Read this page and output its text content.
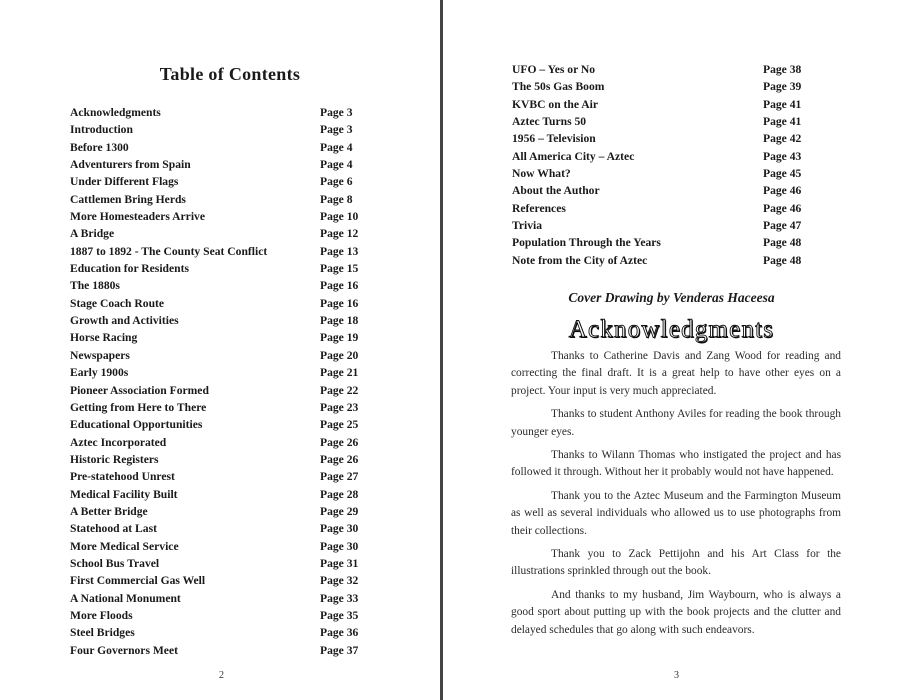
Table of Contents
Acknowledgments	Page 3
Introduction	Page 3
Before 1300	Page 4
Adventurers from Spain	Page 4
Under Different Flags	Page 6
Cattlemen Bring Herds	Page 8
More Homesteaders Arrive	Page 10
A Bridge	Page 12
1887 to 1892 - The County Seat Conflict	Page 13
Education for Residents	Page 15
The 1880s	Page 16
Stage Coach Route	Page 16
Growth and Activities	Page 18
Horse Racing	Page 19
Newspapers	Page 20
Early 1900s	Page 21
Pioneer Association Formed	Page 22
Getting from Here to There	Page 23
Educational Opportunities	Page 25
Aztec Incorporated	Page 26
Historic Registers	Page 26
Pre-statehood Unrest	Page 27
Medical Facility Built	Page 28
A Better Bridge	Page 29
Statehood at Last	Page 30
More Medical Service	Page 30
School Bus Travel	Page 31
First Commercial Gas Well	Page 32
A National Monument	Page 33
More Floods	Page 35
Steel Bridges	Page 36
Four Governors Meet	Page 37
2
UFO – Yes or No	Page 38
The 50s Gas Boom	Page 39
KVBC on the Air	Page 41
Aztec Turns 50	Page 41
1956 – Television	Page 42
All America City – Aztec	Page 43
Now What?	Page 45
About the Author	Page 46
References	Page 46
Trivia	Page 47
Population Through the Years	Page 48
Note from the City of Aztec	Page 48
Cover Drawing by Venderas Haceesa
Acknowledgments

Thanks to Catherine Davis and Zang Wood for reading and correcting the final draft. It is a great help to have other eyes on a project. Your input is very much appreciated.

Thanks to student Anthony Aviles for reading the book through younger eyes.

Thanks to Wilann Thomas who instigated the project and has followed it through. Without her it probably would not have happened.

Thank you to the Aztec Museum and the Farmington Museum as well as several individuals who allowed us to use photographs from their collections.

Thank you to Zack Pettijohn and his Art Class for the illustrations sprinkled through out the book.

And thanks to my husband, Jim Waybourn, who is always a good sport about putting up with the book projects and the clutter and delayed schedules that go along with such endeavors.

3
